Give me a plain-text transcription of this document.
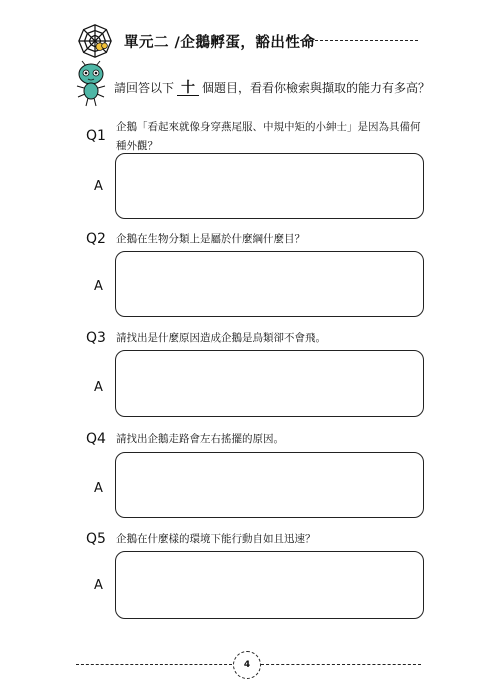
單元二 /企鵝孵蛋，豁出性命
請回答以下 十 個題目，看看你檢索與擷取的能力有多高？
Q1
企鵝「看起來就像身穿燕尾服、中規中矩的小紳士」是因為具備何種外觀？
A
Q2 企鵝在生物分類上是屬於什麼綱什麼目？
A
Q3 請找出是什麼原因造成企鵝是鳥類卻不會飛。
A
Q4 請找出企鵝走路會左右搖擺的原因。
A
Q5 企鵝在什麼樣的環境下能行動自如且迅速？
A
4
